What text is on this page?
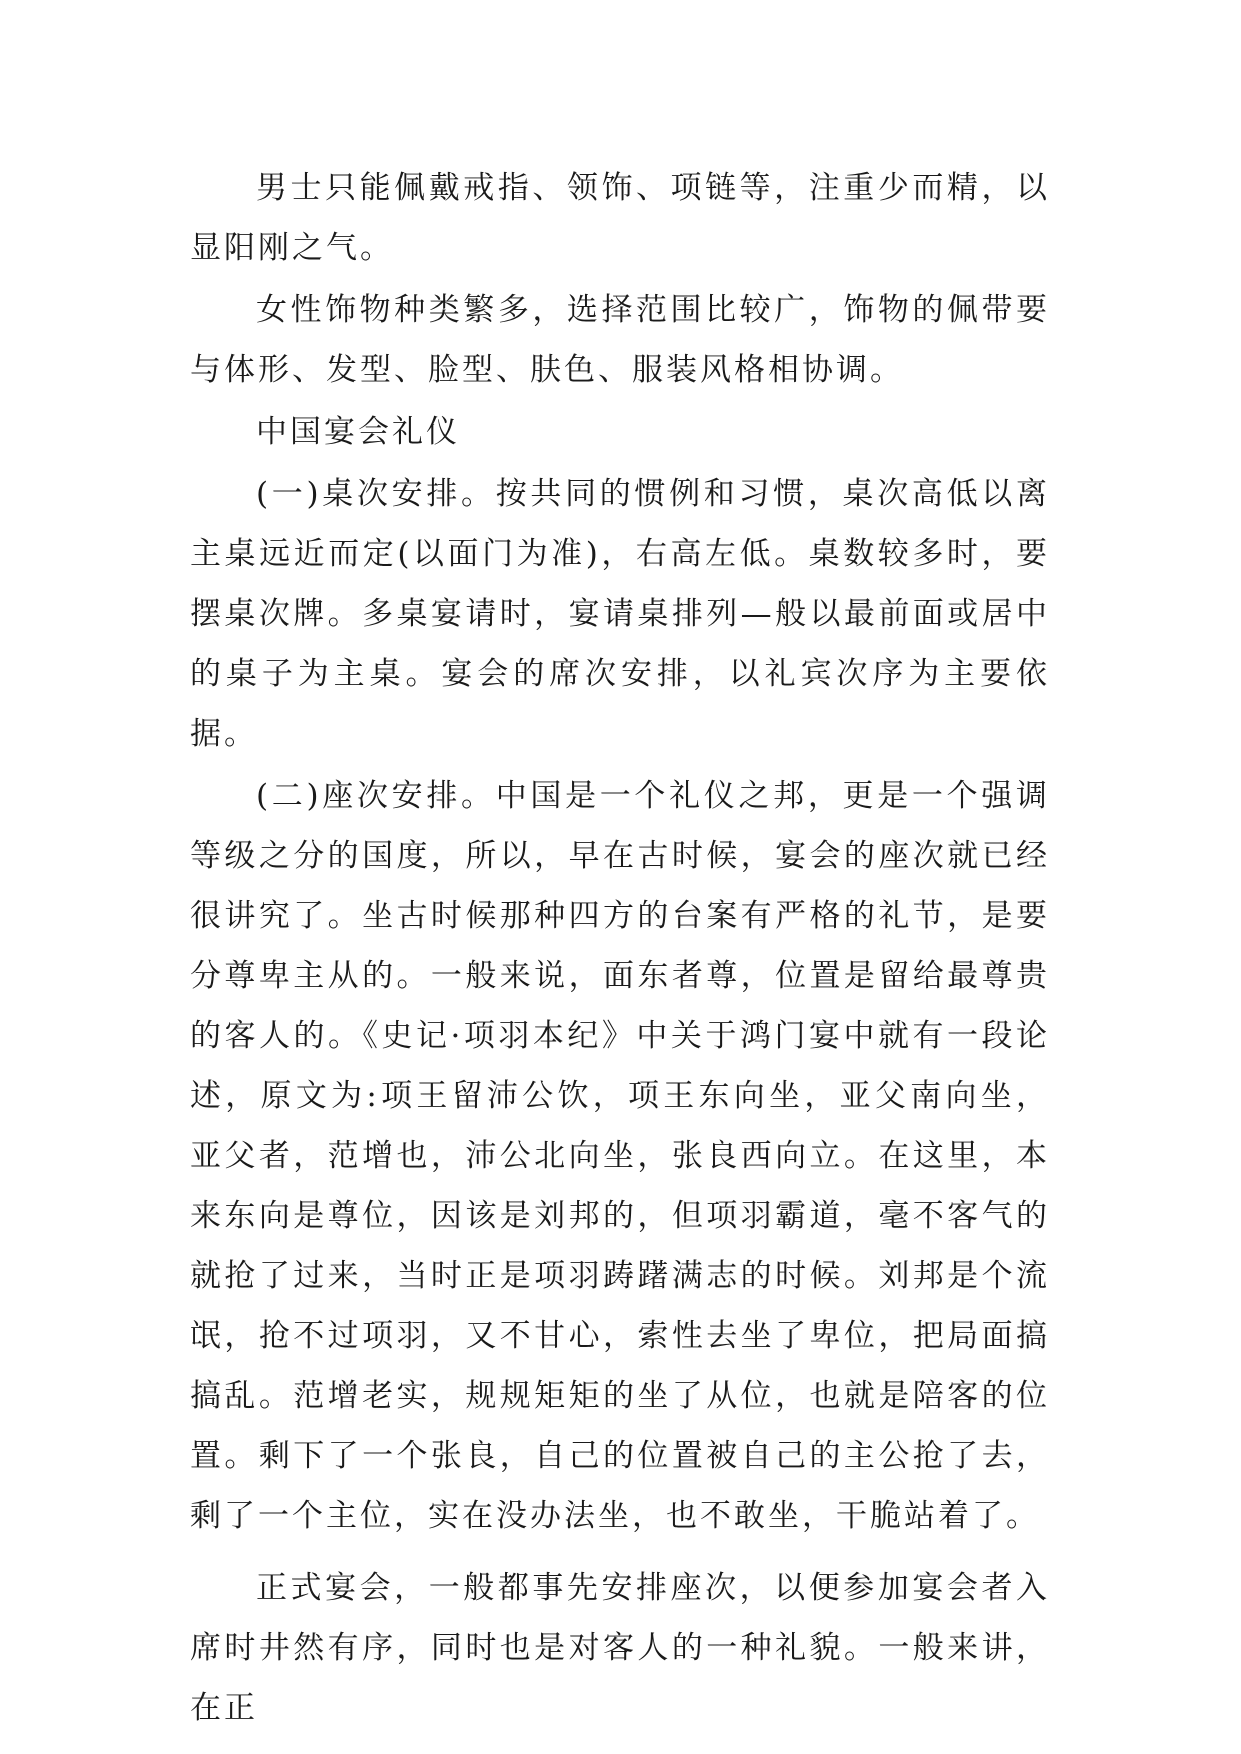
男士只能佩戴戒指、领饰、项链等，注重少而精，以显阳刚之气。

女性饰物种类繁多，选择范围比较广，饰物的佩带要与体形、发型、脸型、肤色、服装风格相协调。

中国宴会礼仪

(一)桌次安排。按共同的惯例和习惯，桌次高低以离主桌远近而定(以面门为准)，右高左低。桌数较多时，要摆桌次牌。多桌宴请时，宴请桌排列—般以最前面或居中的桌子为主桌。宴会的席次安排，以礼宾次序为主要依据。

(二)座次安排。中国是一个礼仪之邦，更是一个强调等级之分的国度，所以，早在古时候，宴会的座次就已经很讲究了。坐古时候那种四方的台案有严格的礼节，是要分尊卑主从的。一般来说，面东者尊，位置是留给最尊贵的客人的。《史记·项羽本纪》中关于鸿门宴中就有一段论述，原文为:项王留沛公饮，项王东向坐，亚父南向坐，亚父者，范增也，沛公北向坐，张良西向立。在这里，本来东向是尊位，因该是刘邦的，但项羽霸道，毫不客气的就抢了过来，当时正是项羽踌躇满志的时候。刘邦是个流氓，抢不过项羽，又不甘心，索性去坐了卑位，把局面搞搞乱。范增老实，规规矩矩的坐了从位，也就是陪客的位置。剩下了一个张良，自己的位置被自己的主公抢了去，剩了一个主位，实在没办法坐，也不敢坐，干脆站着了。

正式宴会，一般都事先安排座次，以便参加宴会者入席时井然有序，同时也是对客人的一种礼貌。一般来讲，在正
